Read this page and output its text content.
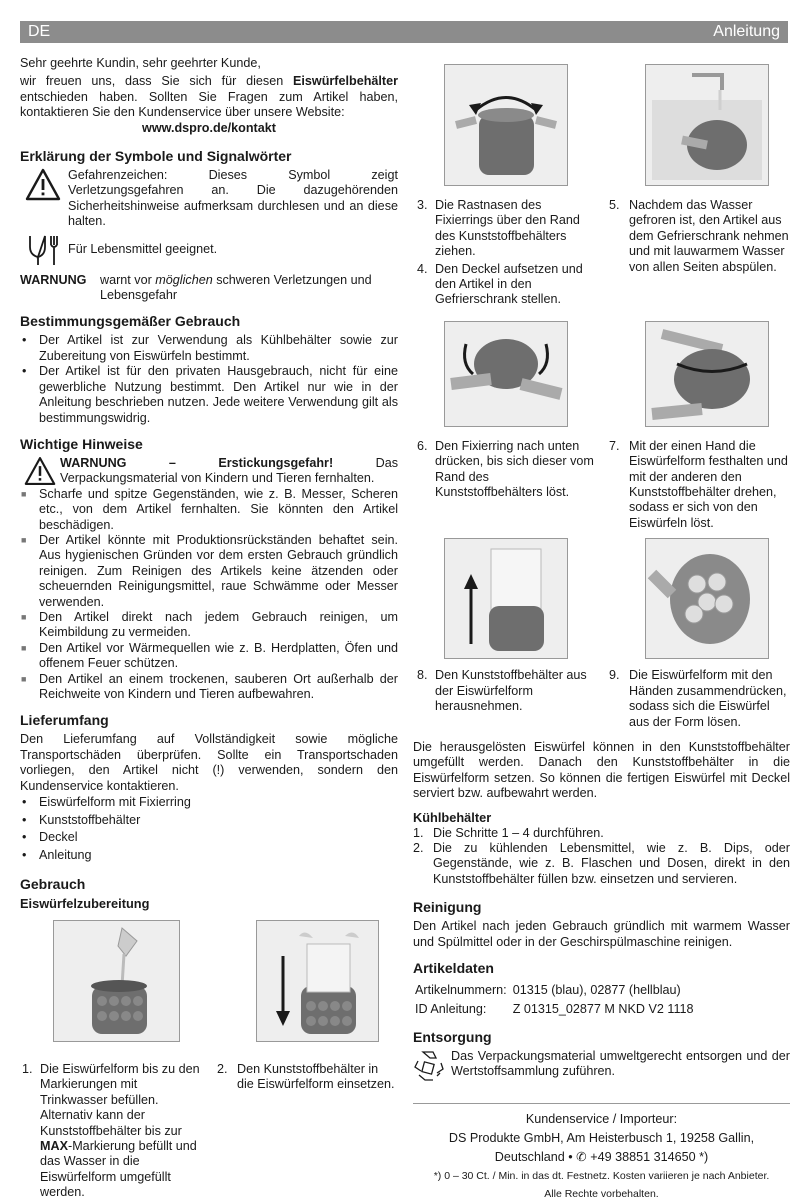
DE	Anleitung

Sehr geehrte Kundin, sehr geehrter Kunde,

wir freuen uns, dass Sie sich für diesen Eiswürfelbehälter entschieden haben. Sollten Sie Fragen zum Artikel haben, kontaktieren Sie den Kundenservice über unsere Website:

www.dspro.de/kontakt

Erklärung der Symbole und Signalwörter

Gefahrenzeichen: Dieses Symbol zeigt Verletzungsgefahren an. Die dazugehörenden Sicherheitshinweise aufmerksam durchlesen und an diese halten.

Für Lebensmittel geeignet.

WARNUNG	warnt vor möglichen schweren Verletzungen und Lebensgefahr

Bestimmungsgemäßer Gebrauch
• Der Artikel ist zur Verwendung als Kühlbehälter sowie zur Zubereitung von Eiswürfeln bestimmt.
• Der Artikel ist für den privaten Hausgebrauch, nicht für eine gewerbliche Nutzung bestimmt. Den Artikel nur wie in der Anleitung beschrieben nutzen. Jede weitere Verwendung gilt als bestimmungswidrig.
Wichtige Hinweise

WARNUNG – Erstickungsgefahr! Das Verpackungsmaterial von Kindern und Tieren fernhalten.

■ Scharfe und spitze Gegenständen, wie z. B. Messer, Scheren etc., von dem Artikel fernhalten. Sie könnten den Artikel beschädigen.
■ Der Artikel könnte mit Produktionsrückständen behaftet sein. Aus hygienischen Gründen vor dem ersten Gebrauch gründlich reinigen. Zum Reinigen des Artikels keine ätzenden oder scheuernden Reinigungsmittel, raue Schwämme oder Messer verwenden.
■ Den Artikel direkt nach jedem Gebrauch reinigen, um Keimbildung zu vermeiden.
■ Den Artikel vor Wärmequellen wie z. B. Herdplatten, Öfen und offenem Feuer schützen.
■ Den Artikel an einem trockenen, sauberen Ort außerhalb der Reichweite von Kindern und Tieren aufbewahren.
Lieferumfang

Den Lieferumfang auf Vollständigkeit sowie mögliche Transportschäden überprüfen. Sollte ein Transportschaden vorliegen, den Artikel nicht (!) verwenden, sondern den Kundenservice kontaktieren.

• Eiswürfelform mit Fixierring
• Kunststoffbehälter
• Deckel
• Anleitung
Gebrauch
Eiswürfelzubereitung
1. Die Eiswürfelform bis zu den Markierungen mit Trinkwasser befüllen. Alternativ kann der Kunststoffbehälter bis zur MAX-Markierung befüllt und das Wasser in die Eiswürfelform umgefüllt werden.

2. Den Kunststoffbehälter in die Eiswürfelform einsetzen.

3. Die Rastnasen des Fixierrings über den Rand des Kunststoffbehälters ziehen.

4. Den Deckel aufsetzen und den Artikel in den Gefrierschrank stellen.

5. Nachdem das Wasser gefroren ist, den Artikel aus dem Gefrierschrank nehmen und mit lauwarmem Wasser von allen Seiten abspülen.

6. Den Fixierring nach unten drücken, bis sich dieser vom Rand des Kunststoffbehälters löst.

7. Mit der einen Hand die Eiswürfelform festhalten und mit der anderen den Kunststoffbehälter drehen, sodass er sich von den Eiswürfeln löst.

8. Den Kunststoffbehälter aus der Eiswürfelform herausnehmen.

9. Die Eiswürfelform mit den Händen zusammendrücken, sodass sich die Eiswürfel aus der Form lösen.

Die herausgelösten Eiswürfel können in den Kunststoffbehälter umgefüllt werden. Danach den Kunststoffbehälter in die Eiswürfelform setzen. So können die fertigen Eiswürfel mit Deckel serviert bzw. aufbewahrt werden.

Kühlbehälter
1. Die Schritte 1 – 4 durchführen.

2. Die zu kühlenden Lebensmittel, wie z. B. Dips, oder Gegenstände, wie z. B. Flaschen und Dosen, direkt in den Kunststoffbehälter füllen bzw. einsetzen und servieren.

Reinigung

Den Artikel nach jeden Gebrauch gründlich mit warmem Wasser und Spülmittel oder in der Geschirspülmaschine reinigen.

Artikeldaten
Artikelnummern:	01315 (blau), 02877 (hellblau)
ID Anleitung:	Z 01315_02877 M NKD V2 1118
Entsorgung

Das Verpackungsmaterial umweltgerecht entsorgen und der Wertstoffsammlung zuführen.

Kundenservice / Importeur:

DS Produkte GmbH, Am Heisterbusch 1, 19258 Gallin,

Deutschland • ✆ +49 38851 314650 *)

*) 0 – 30 Ct. / Min. in das dt. Festnetz. Kosten variieren je nach Anbieter.

Alle Rechte vorbehalten.
